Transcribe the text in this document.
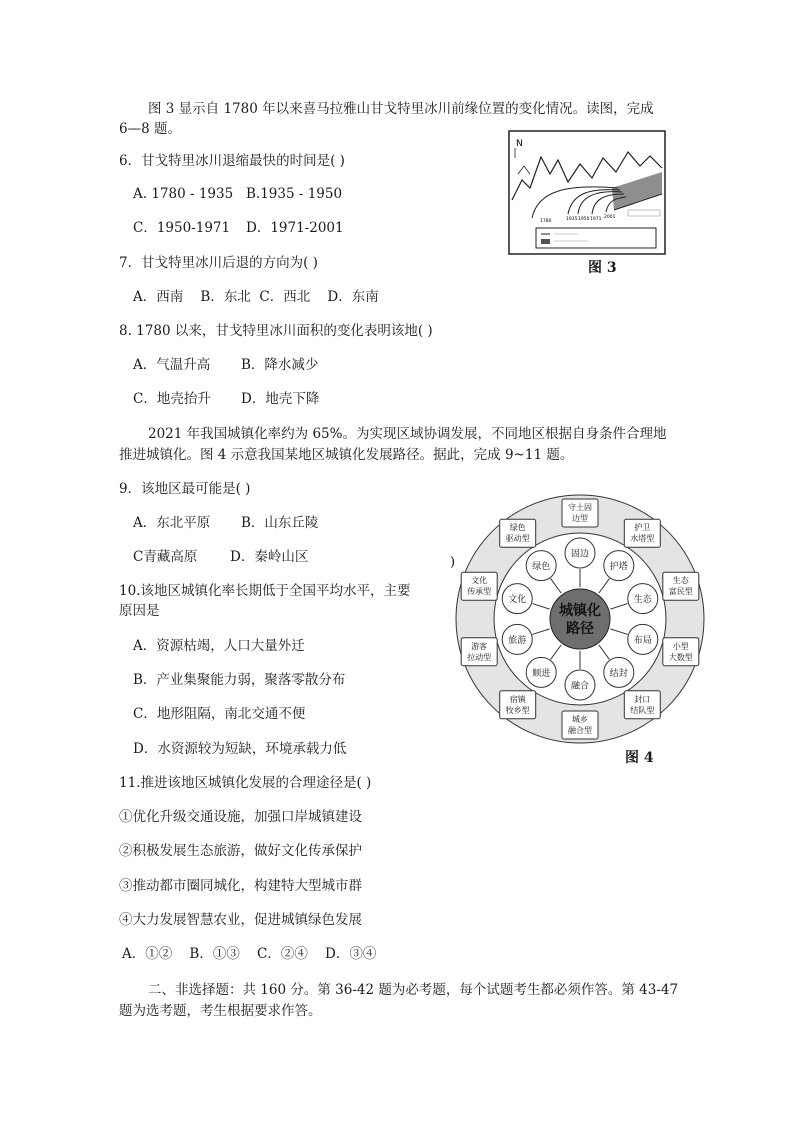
图 3 显示自 1780 年以来喜马拉雅山甘戈特里冰川前缘位置的变化情况。读图，完成
6—8 题。
6．甘戈特里冰川退缩最快的时间是( )
A. 1780 - 1935 B.1935 - 1950
C．1950-1971 D．1971-2001
7．甘戈特里冰川后退的方向为( )
A．西南    B．东北  C．西北    D．东南
8. 1780 以来，甘戈特里冰川面积的变化表明该地( )
A．气温升高 B．降水减少
C．地壳抬升 D．地壳下降
2021 年我国城镇化率约为 65%。为实现区域协调发展，不同地区根据自身条件合理地
推进城镇化。图 4 示意我国某地区城镇化发展路径。据此，完成 9~11 题。
9．该地区最可能是( )
A．东北平原 B．山东丘陵
C青藏高原 D．秦岭山区
10.该地区城镇化率长期低于全国平均水平，主要
原因是
A．资源枯竭，人口大量外迁
B．产业集聚能力弱，聚落零散分布
C．地形阻隔，南北交通不便
D．水资源较为短缺，环境承载力低
11.推进该地区城镇化发展的合理途径是( )
①优化升级交通设施，加强口岸城镇建设
②积极发展生态旅游，做好文化传承保护
③推动都市圈同城化，构建特大型城市群
④大力发展智慧农业，促进城镇绿色发展
A．①②    B．①③    C．②④    D．③④
二、非选择题：共 160 分。第 36-42 题为必考题，每个试题考生都必须作答。第 43-47
题为选考题，考生根据要求作答。
N
1780	1935 1950 1971 2001
图 3
固边
护塔
生态
布局
结封
融合
顺进
旅游
文化
绿色
守土固
边型
护卫
水塔型
生态
富民型
小型
大数型
封口
结队型
城乡
融合型
宿镇
牧乡型
游客
拉动型
文化
传承型
绿色
驱动型
城镇化
路径
)
图 4
